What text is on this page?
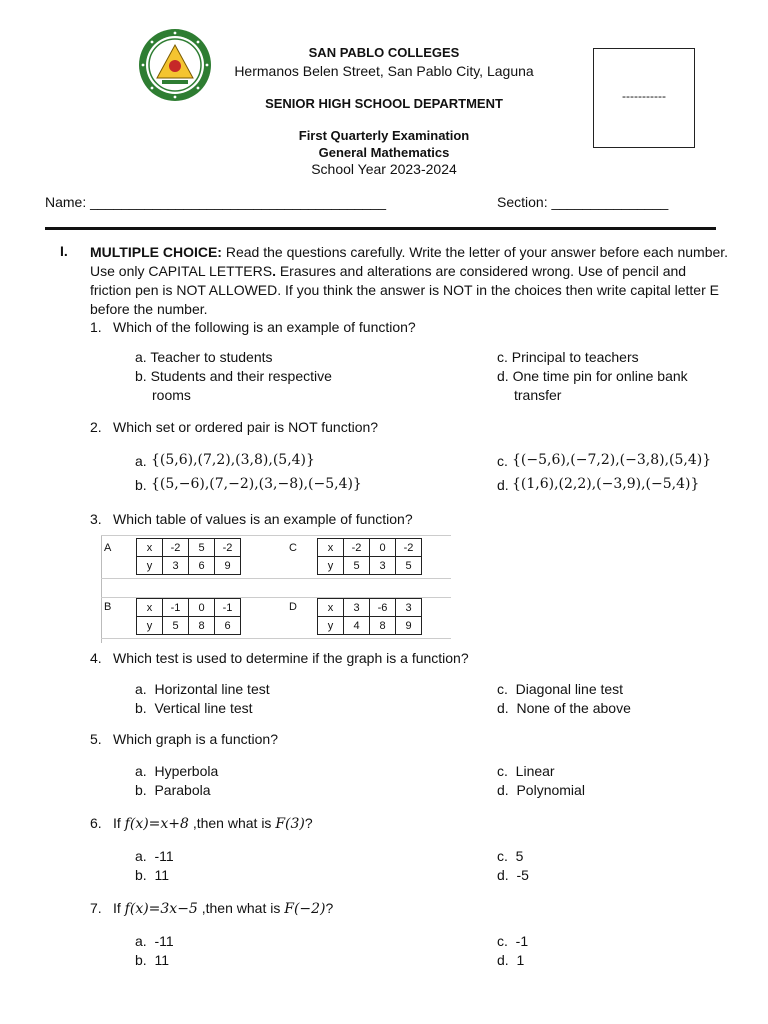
SAN PABLO COLLEGES
Hermanos Belen Street, San Pablo City, Laguna
SENIOR HIGH SCHOOL DEPARTMENT
First Quarterly Examination
General Mathematics
School Year 2023-2024
-----------
Name: ______________________________________	Section: _______________
I. MULTIPLE CHOICE: Read the questions carefully. Write the letter of your answer before each number. Use only CAPITAL LETTERS. Erasures and alterations are considered wrong. Use of pencil and friction pen is NOT ALLOWED. If you think the answer is NOT in the choices then write capital letter E before the number.
1. Which of the following is an example of function?
a. Teacher to students
b. Students and their respective
rooms
c. Principal to teachers
d. One time pin for online bank
transfer
2. Which set or ordered pair is NOT function?
a. {(5,6),(7,2),(3,8),(5,4)}
b. {(5,−6),(7,−2),(3,−8),(−5,4)}
c. {(−5,6),(−7,2),(−3,8),(5,4)}
d. {(1,6),(2,2),(−3,9),(−5,4)}
3. Which table of values is an example of function?
A	x	-2	5	-2
y	3	6	9
C	x	-2	0	-2
y	5	3	5
B	x	-1	0	-1
y	5	8	6
D	x	3	-6	3
y	4	8	9
4. Which test is used to determine if the graph is a function?
a.  Horizontal line test
b.  Vertical line test
c.  Diagonal line test
d.  None of the above
5. Which graph is a function?
a.  Hyperbola
b.  Parabola
c.  Linear
d.  Polynomial
6. If f(x)=x+8 ,then what is F(3)?
a.  -11
b.  11
c.  5
d.  -5
7. If f(x)=3x−5 ,then what is F(−2)?
a.  -11
b.  11
c.  -1
d.  1
